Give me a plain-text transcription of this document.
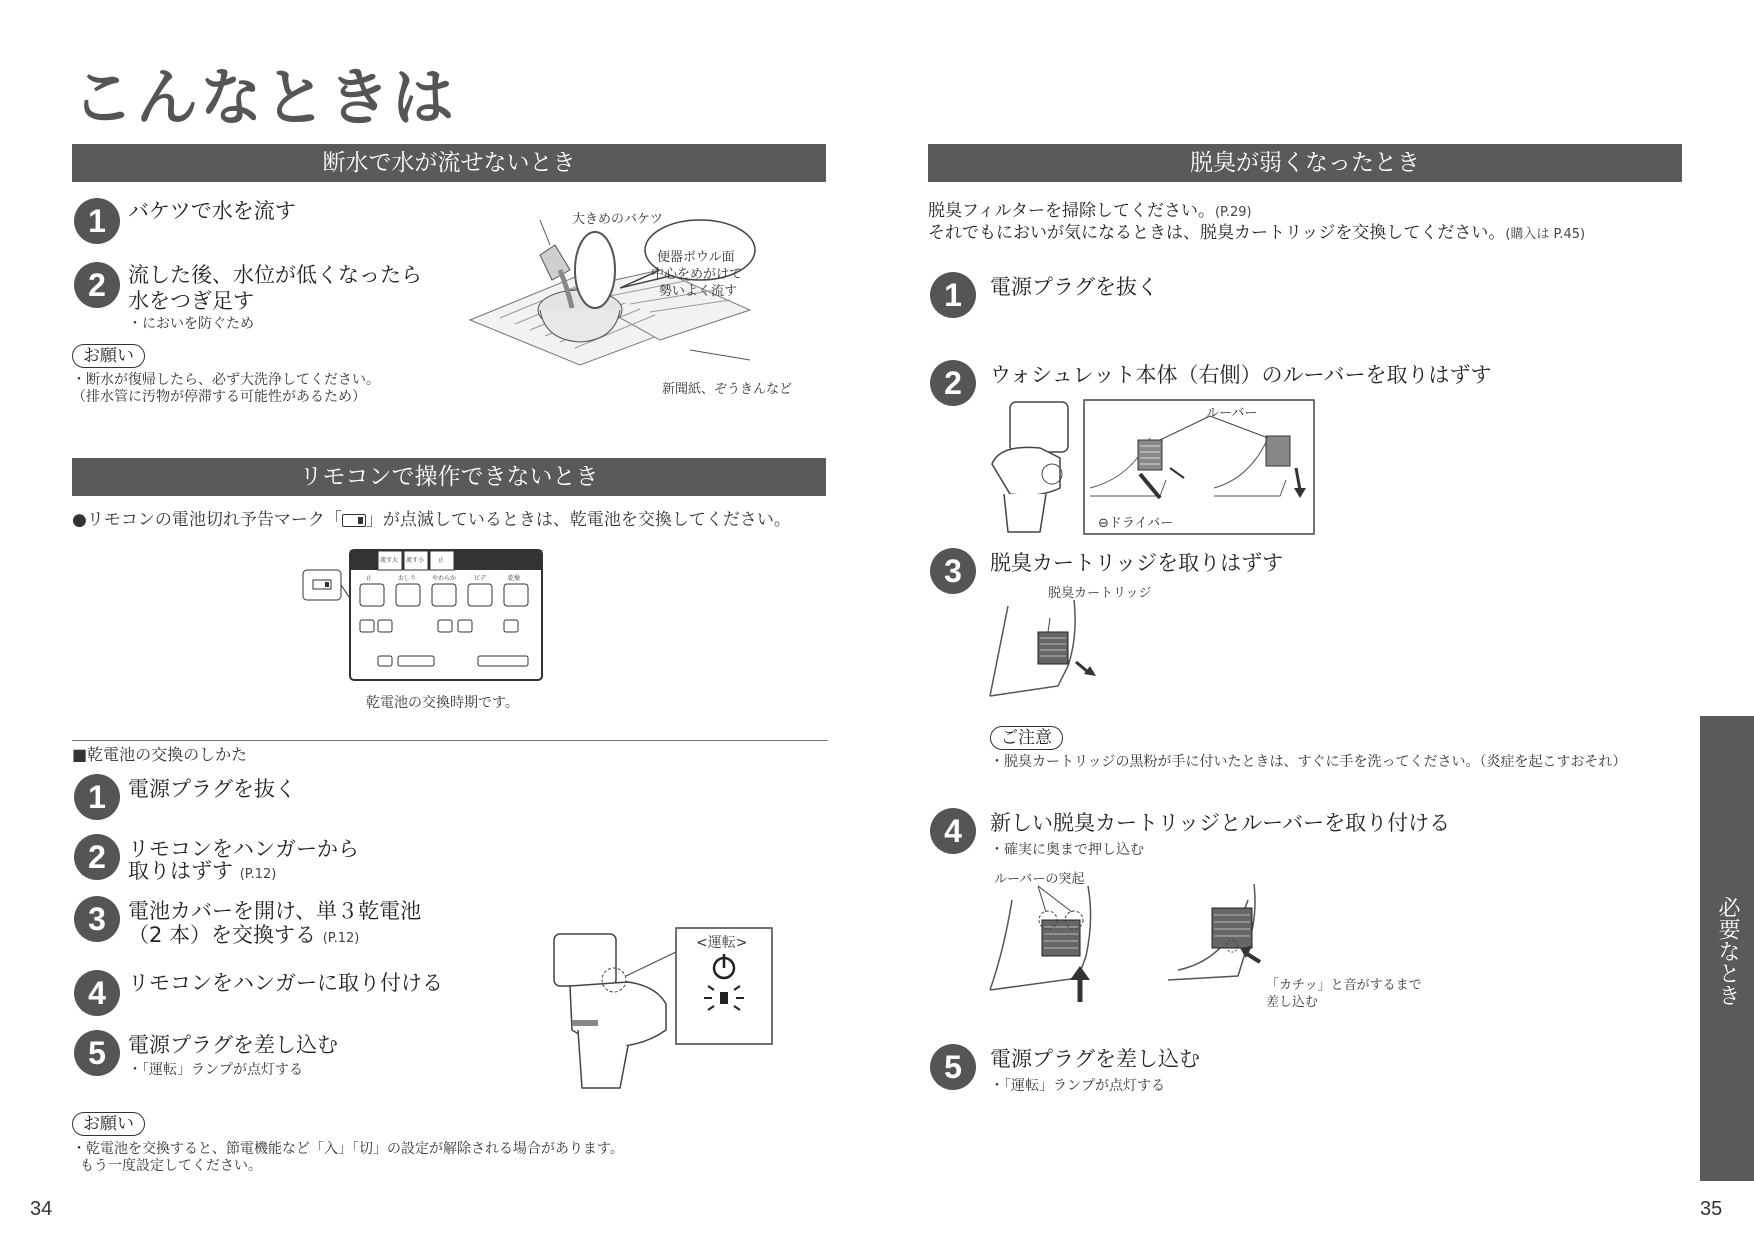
こんなときは
断水で水が流せないとき
1	バケツで水を流す
2	流した後、水位が低くなったら
水をつぎ足す
・においを防ぐため
お願い
・断水が復帰したら、必ず大洗浄してください。
（排水管に汚物が停滞する可能性があるため）
大きめのバケツ
便器ボウル面
中心をめがけて
勢いよく流す
新聞紙、ぞうきんなど
リモコンで操作できないとき
●リモコンの電池切れ予告マーク「 」が点滅しているときは、乾電池を交換してください。
止	おしり	やわらか	ビデ	乾燥
流す大 流す小 止
乾電池の交換時期です。
■乾電池の交換のしかた
1	電源プラグを抜く
2	リモコンをハンガーから
取りはずす (P.12)
3	電池カバーを開け、単３乾電池
（2 本）を交換する (P.12)
4	リモコンをハンガーに取り付ける
5	電源プラグを差し込む
・「運転」ランプが点灯する
<運転>
お願い
・乾電池を交換すると、節電機能など「入」「切」の設定が解除される場合があります。
もう一度設定してください。
34
脱臭が弱くなったとき
脱臭フィルターを掃除してください。(P.29)
それでもにおいが気になるときは、脱臭カートリッジを交換してください。(購入は P.45)
1	電源プラグを抜く
2	ウォシュレット本体（右側）のルーバーを取りはずす
ルーバー
⊖ドライバー
3	脱臭カートリッジを取りはずす
脱臭カートリッジ
ご注意
・脱臭カートリッジの黒粉が手に付いたときは、すぐに手を洗ってください。（炎症を起こすおそれ）
4	新しい脱臭カートリッジとルーバーを取り付ける
・確実に奥まで押し込む
ルーバーの突起
「カチッ」と音がするまで
差し込む
5	電源プラグを差し込む
・「運転」ランプが点灯する
必要なとき
35
